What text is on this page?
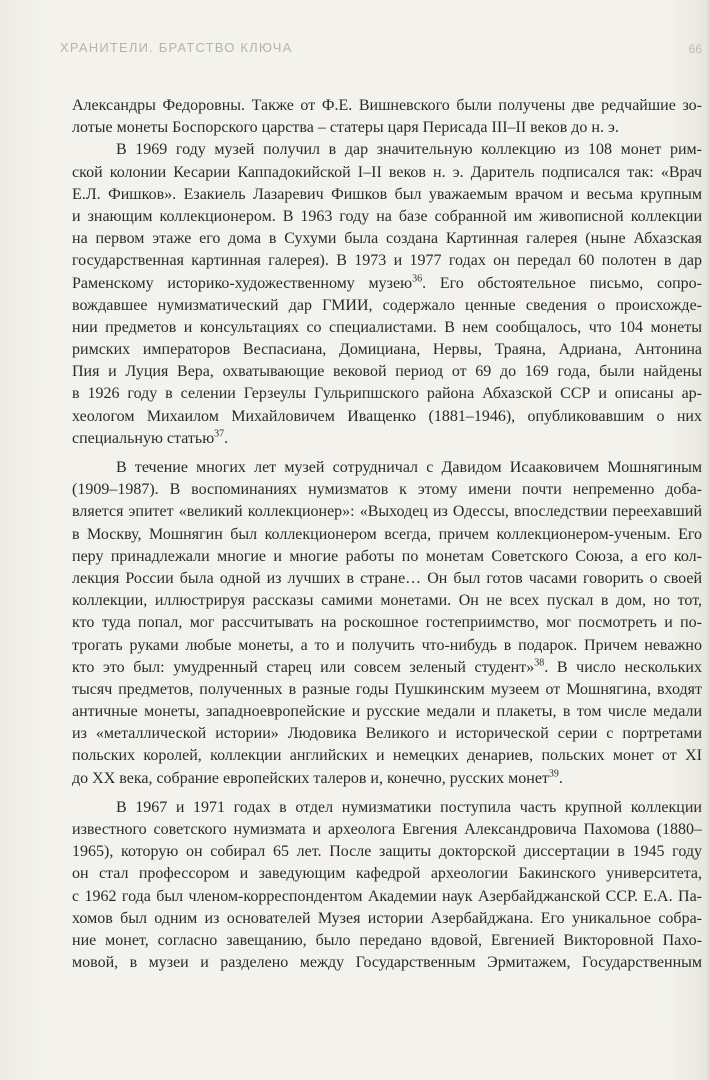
ХРАНИТЕЛИ. БРАТСТВО КЛЮЧА	66
Александры Федоровны. Также от Ф.Е. Вишневского были получены две редчайшие зо-
лотые монеты Боспорского царства – статеры царя Перисада III–II веков до н. э.
В 1969 году музей получил в дар значительную коллекцию из 108 монет рим-
ской колонии Кесарии Каппадокийской I–II веков н. э. Даритель подписался так: «Врач
Е.Л. Фишков». Езакиель Лазаревич Фишков был уважаемым врачом и весьма крупным
и знающим коллекционером. В 1963 году на базе собранной им живописной коллекции
на первом этаже его дома в Сухуми была создана Картинная галерея (ныне Абхазская
государственная картинная галерея). В 1973 и 1977 годах он передал 60 полотен в дар
Раменскому историко-художественному музею$^{36}$. Его обстоятельное письмо, сопро-
вождавшее нумизматический дар ГМИИ, содержало ценные сведения о происхожде-
нии предметов и консультациях со специалистами. В нем сообщалось, что 104 монеты
римских императоров Веспасиана, Домициана, Нервы, Траяна, Адриана, Антонина
Пия и Луция Вера, охватывающие вековой период от 69 до 169 года, были найдены
в 1926 году в селении Герзеулы Гульрипшского района Абхазской ССР и описаны ар-
хеологом Михаилом Михайловичем Иващенко (1881–1946), опубликовавшим о них
специальную статью$^{37}$.
В течение многих лет музей сотрудничал с Давидом Исааковичем Мошнягиным
(1909–1987). В воспоминаниях нумизматов к этому имени почти непременно доба-
вляется эпитет «великий коллекционер»: «Выходец из Одессы, впоследствии переехавший
в Москву, Мошнягин был коллекционером всегда, причем коллекционером-ученым. Его
перу принадлежали многие и многие работы по монетам Советского Союза, а его кол-
лекция России была одной из лучших в стране… Он был готов часами говорить о своей
коллекции, иллюстрируя рассказы самими монетами. Он не всех пускал в дом, но тот,
кто туда попал, мог рассчитывать на роскошное гостеприимство, мог посмотреть и по-
трогать руками любые монеты, а то и получить что-нибудь в подарок. Причем неважно
кто это был: умудренный старец или совсем зеленый студент»$^{38}$. В число нескольких
тысяч предметов, полученных в разные годы Пушкинским музеем от Мошнягина, входят
античные монеты, западноевропейские и русские медали и плакеты, в том числе медали
из «металлической истории» Людовика Великого и исторической серии с портретами
польских королей, коллекции английских и немецких денариев, польских монет от XI
до XX века, собрание европейских талеров и, конечно, русских монет$^{39}$.
В 1967 и 1971 годах в отдел нумизматики поступила часть крупной коллекции
известного советского нумизмата и археолога Евгения Александровича Пахомова (1880–
1965), которую он собирал 65 лет. После защиты докторской диссертации в 1945 году
он стал профессором и заведующим кафедрой археологии Бакинского университета,
с 1962 года был членом-корреспондентом Академии наук Азербайджанской ССР. Е.А. Па-
хомов был одним из основателей Музея истории Азербайджана. Его уникальное собра-
ние монет, согласно завещанию, было передано вдовой, Евгенией Викторовной Пахо-
мовой, в музеи и разделено между Государственным Эрмитажем, Государственным
